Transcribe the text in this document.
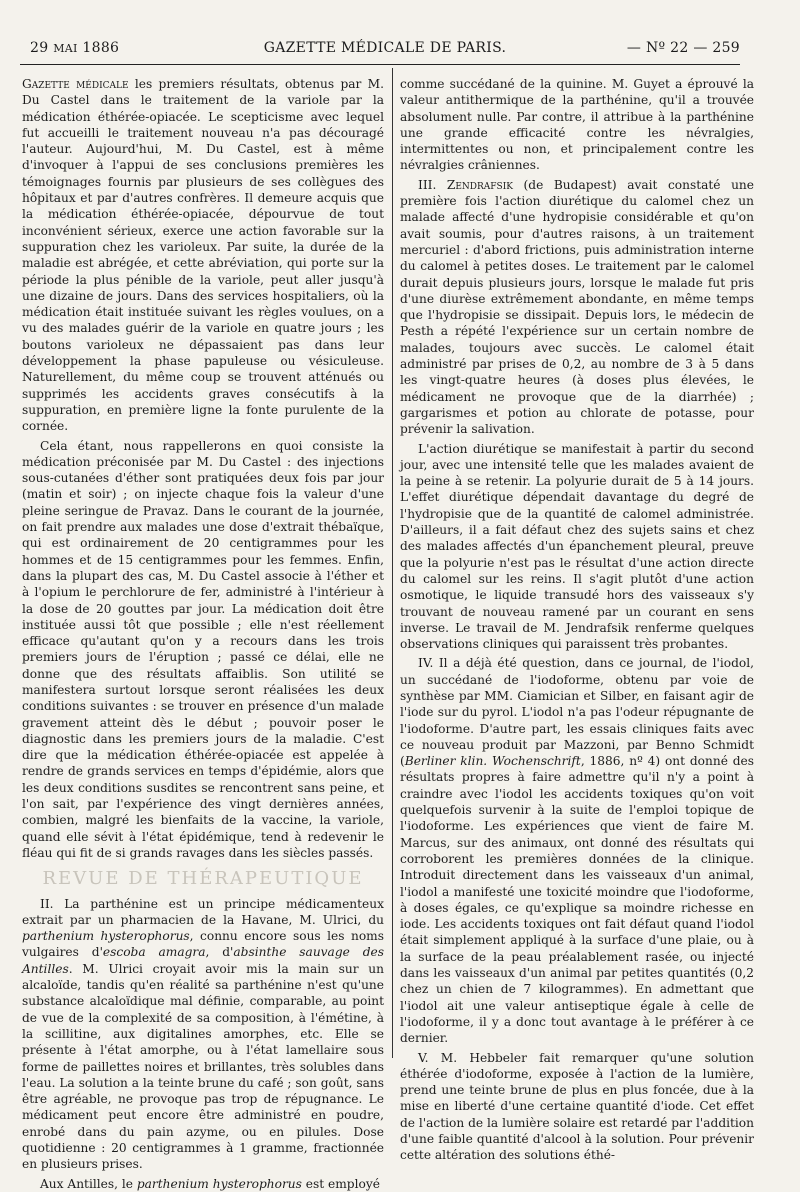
29 MAI 1886	GAZETTE MÉDICALE DE PARIS.	— Nº 22 — 259

Gazette médicale les premiers résultats, obtenus par M. Du Castel dans le traitement de la variole par la médication éthérée-opiacée. Le scepticisme avec lequel fut accueilli le traitement nouveau n'a pas découragé l'auteur. Aujourd'hui, M. Du Castel, est à même d'invoquer à l'appui de ses conclusions premières les témoignages fournis par plusieurs de ses collègues des hôpitaux et par d'autres confrères. Il demeure acquis que la médication éthérée-opiacée, dépourvue de tout inconvénient sérieux, exerce une action favorable sur la suppuration chez les varioleux. Par suite, la durée de la maladie est abrégée, et cette abréviation, qui porte sur la période la plus pénible de la variole, peut aller jusqu'à une dizaine de jours. Dans des services hospitaliers, où la médication était instituée suivant les règles voulues, on a vu des malades guérir de la variole en quatre jours ; les boutons varioleux ne dépassaient pas dans leur développement la phase papuleuse ou vésiculeuse. Naturellement, du même coup se trouvent atténués ou supprimés les accidents graves consécutifs à la suppuration, en première ligne la fonte purulente de la cornée.

Cela étant, nous rappellerons en quoi consiste la médication préconisée par M. Du Castel : des injections sous-cutanées d'éther sont pratiquées deux fois par jour (matin et soir) ; on injecte chaque fois la valeur d'une pleine seringue de Pravaz. Dans le courant de la journée, on fait prendre aux malades une dose d'extrait thébaïque, qui est ordinairement de 20 centigrammes pour les hommes et de 15 centigrammes pour les femmes. Enfin, dans la plupart des cas, M. Du Castel associe à l'éther et à l'opium le perchlorure de fer, administré à l'intérieur à la dose de 20 gouttes par jour. La médication doit être instituée aussi tôt que possible ; elle n'est réellement efficace qu'autant qu'on y a recours dans les trois premiers jours de l'éruption ; passé ce délai, elle ne donne que des résultats affaiblis. Son utilité se manifestera surtout lorsque seront réalisées les deux conditions suivantes : se trouver en présence d'un malade gravement atteint dès le début ; pouvoir poser le diagnostic dans les premiers jours de la maladie. C'est dire que la médication éthérée-opiacée est appelée à rendre de grands services en temps d'épidémie, alors que les deux conditions susdites se rencontrent sans peine, et l'on sait, par l'expérience des vingt dernières années, combien, malgré les bienfaits de la vaccine, la variole, quand elle sévit à l'état épidémique, tend à redevenir le fléau qui fit de si grands ravages dans les siècles passés.

REVUE DE THÉRAPEUTIQUE

II. La parthénine est un principe médicamenteux extrait par un pharmacien de la Havane, M. Ulrici, du parthenium hysterophorus, connu encore sous les noms vulgaires d'escoba amagra, d'absinthe sauvage des Antilles. M. Ulrici croyait avoir mis la main sur un alcaloïde, tandis qu'en réalité sa parthénine n'est qu'une substance alcaloïdique mal définie, comparable, au point de vue de la complexité de sa composition, à l'émétine, à la scillitine, aux digitalines amorphes, etc. Elle se présente à l'état amorphe, ou à l'état lamellaire sous forme de paillettes noires et brillantes, très solubles dans l'eau. La solution a la teinte brune du café ; son goût, sans être agréable, ne provoque pas trop de répugnance. Le médicament peut encore être administré en poudre, enrobé dans du pain azyme, ou en pilules. Dose quotidienne : 20 centigrammes à 1 gramme, fractionnée en plusieurs prises.

Aux Antilles, le parthenium hysterophorus est employé

comme succédané de la quinine. M. Guyet a éprouvé la valeur antithermique de la parthénine, qu'il a trouvée absolument nulle. Par contre, il attribue à la parthénine une grande efficacité contre les névralgies, intermittentes ou non, et principalement contre les névralgies crâniennes.

III. Zendrafsik (de Budapest) avait constaté une première fois l'action diurétique du calomel chez un malade affecté d'une hydropisie considérable et qu'on avait soumis, pour d'autres raisons, à un traitement mercuriel : d'abord frictions, puis administration interne du calomel à petites doses. Le traitement par le calomel durait depuis plusieurs jours, lorsque le malade fut pris d'une diurèse extrêmement abondante, en même temps que l'hydropisie se dissipait. Depuis lors, le médecin de Pesth a répété l'expérience sur un certain nombre de malades, toujours avec succès. Le calomel était administré par prises de 0,2, au nombre de 3 à 5 dans les vingt-quatre heures (à doses plus élevées, le médicament ne provoque que de la diarrhée) ; gargarismes et potion au chlorate de potasse, pour prévenir la salivation.

L'action diurétique se manifestait à partir du second jour, avec une intensité telle que les malades avaient de la peine à se retenir. La polyurie durait de 5 à 14 jours. L'effet diurétique dépendait davantage du degré de l'hydropisie que de la quantité de calomel administrée. D'ailleurs, il a fait défaut chez des sujets sains et chez des malades affectés d'un épanchement pleural, preuve que la polyurie n'est pas le résultat d'une action directe du calomel sur les reins. Il s'agit plutôt d'une action osmotique, le liquide transudé hors des vaisseaux s'y trouvant de nouveau ramené par un courant en sens inverse. Le travail de M. Jendrafsik renferme quelques observations cliniques qui paraissent très probantes.

IV. Il a déjà été question, dans ce journal, de l'iodol, un succédané de l'iodoforme, obtenu par voie de synthèse par MM. Ciamician et Silber, en faisant agir de l'iode sur du pyrol. L'iodol n'a pas l'odeur répugnante de l'iodoforme. D'autre part, les essais cliniques faits avec ce nouveau produit par Mazzoni, par Benno Schmidt (Berliner klin. Wochenschrift, 1886, nº 4) ont donné des résultats propres à faire admettre qu'il n'y a point à craindre avec l'iodol les accidents toxiques qu'on voit quelquefois survenir à la suite de l'emploi topique de l'iodoforme. Les expériences que vient de faire M. Marcus, sur des animaux, ont donné des résultats qui corroborent les premières données de la clinique. Introduit directement dans les vaisseaux d'un animal, l'iodol a manifesté une toxicité moindre que l'iodoforme, à doses égales, ce qu'explique sa moindre richesse en iode. Les accidents toxiques ont fait défaut quand l'iodol était simplement appliqué à la surface d'une plaie, ou à la surface de la peau préalablement rasée, ou injecté dans les vaisseaux d'un animal par petites quantités (0,2 chez un chien de 7 kilogrammes). En admettant que l'iodol ait une valeur antiseptique égale à celle de l'iodoforme, il y a donc tout avantage à le préférer à ce dernier.

V. M. Hebbeler fait remarquer qu'une solution éthérée d'iodoforme, exposée à l'action de la lumière, prend une teinte brune de plus en plus foncée, due à la mise en liberté d'une certaine quantité d'iode. Cet effet de l'action de la lumière solaire est retardé par l'addition d'une faible quantité d'alcool à la solution. Pour prévenir cette altération des solutions éthé-
